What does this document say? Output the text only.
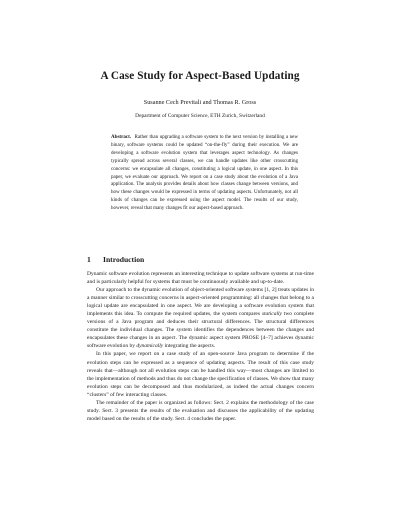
A Case Study for Aspect-Based Updating
Susanne Cech Previtali and Thomas R. Gross
Department of Computer Science, ETH Zurich, Switzerland
Abstract. Rather than upgrading a software system to the next version by installing a new binary, software systems could be updated “on-the-fly” during their execution. We are developing a software evolution system that leverages aspect technology. As changes typically spread across several classes, we can handle updates like other crosscutting concerns: we encapsulate all changes, constituting a logical update, in one aspect. In this paper, we evaluate our approach. We report on a case study about the evolution of a Java application. The analysis provides details about how classes change between versions, and how these changes would be expressed in terms of updating aspects. Unfortunately, not all kinds of changes can be expressed using the aspect model. The results of our study, however, reveal that many changes fit our aspect-based approach.
1 Introduction

Dynamic software evolution represents an interesting technique to update software systems at run-time and is particularly helpful for systems that must be continuously available and up-to-date.

Our approach to the dynamic evolution of object-oriented software systems [1, 2] treats updates in a manner similar to crosscutting concerns in aspect-oriented programming: all changes that belong to a logical update are encapsulated in one aspect. We are developing a software evolution system that implements this idea. To compute the required updates, the system compares statically two complete versions of a Java program and deduces their structural differences. The structural differences constitute the individual changes. The system identifies the dependences between the changes and encapsulates these changes in an aspect. The dynamic aspect system PROSE [4–7] achieves dynamic software evolution by dynamically integrating the aspects.

In this paper, we report on a case study of an open-source Java program to determine if the evolution steps can be expressed as a sequence of updating aspects. The result of this case study reveals that—although not all evolution steps can be handled this way—most changes are limited to the implementation of methods and thus do not change the specification of classes. We show that many evolution steps can be decomposed and thus modularized, as indeed the actual changes concern “clusters” of few interacting classes.

The remainder of the paper is organized as follows: Sect. 2 explains the methodology of the case study. Sect. 3 presents the results of the evaluation and discusses the applicability of the updating model based on the results of the study. Sect. 4 concludes the paper.
